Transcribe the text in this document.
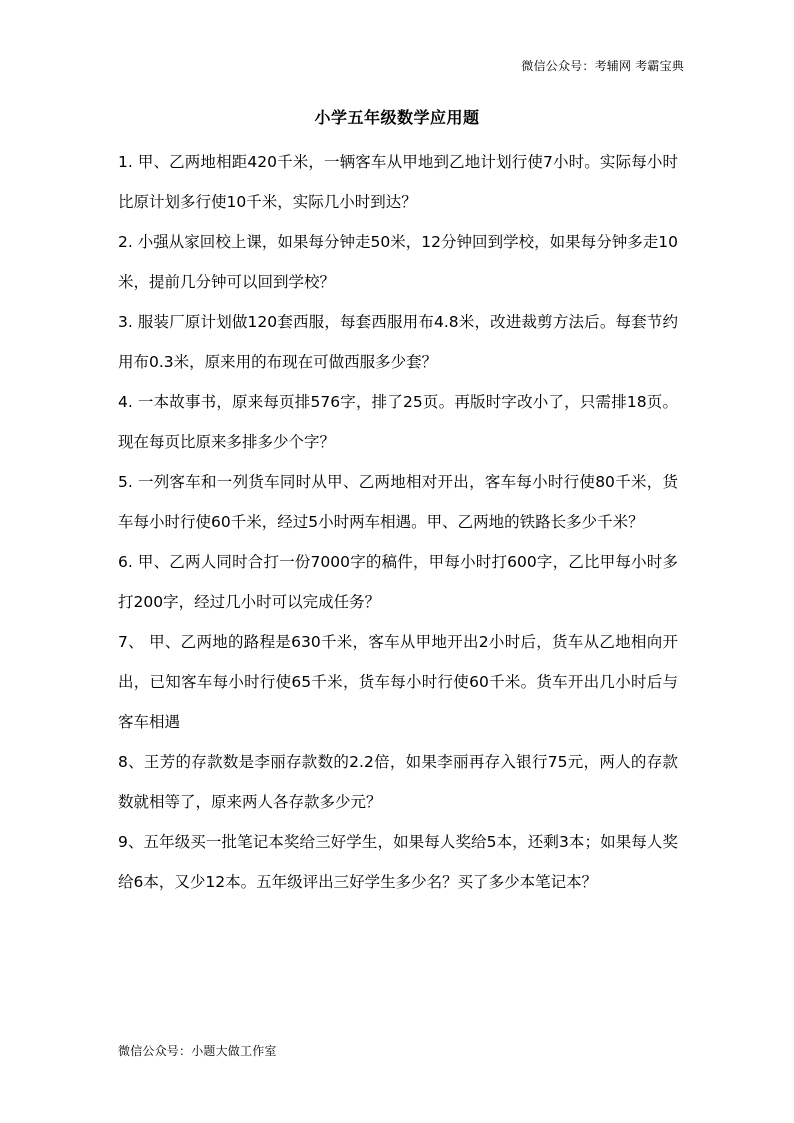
微信公众号：考辅网 考霸宝典
小学五年级数学应用题

1. 甲、乙两地相距420千米，一辆客车从甲地到乙地计划行使7小时。实际每小时比原计划多行使10千米，实际几小时到达？

2. 小强从家回校上课，如果每分钟走50米，12分钟回到学校，如果每分钟多走10米，提前几分钟可以回到学校？

3. 服装厂原计划做120套西服，每套西服用布4.8米，改进裁剪方法后。每套节约用布0.3米，原来用的布现在可做西服多少套？

4. 一本故事书，原来每页排576字，排了25页。再版时字改小了，只需排18页。现在每页比原来多排多少个字？

5. 一列客车和一列货车同时从甲、乙两地相对开出，客车每小时行使80千米，货车每小时行使60千米，经过5小时两车相遇。甲、乙两地的铁路长多少千米？

6. 甲、乙两人同时合打一份7000字的稿件，甲每小时打600字，乙比甲每小时多打200字，经过几小时可以完成任务？

7、 甲、乙两地的路程是630千米，客车从甲地开出2小时后，货车从乙地相向开出，已知客车每小时行使65千米，货车每小时行使60千米。货车开出几小时后与客车相遇

8、王芳的存款数是李丽存款数的2.2倍，如果李丽再存入银行75元，两人的存款数就相等了，原来两人各存款多少元？

9、五年级买一批笔记本奖给三好学生，如果每人奖给5本，还剩3本；如果每人奖给6本，又少12本。五年级评出三好学生多少名？买了多少本笔记本？

微信公众号：小题大做工作室
